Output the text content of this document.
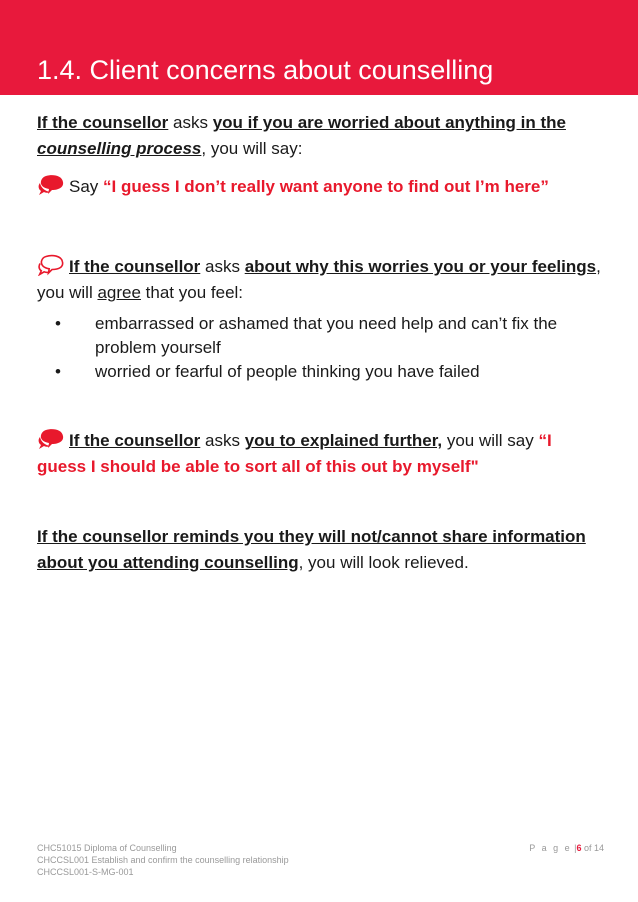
1.4. Client concerns about counselling

If the counsellor asks you if you are worried about anything in the counselling process, you will say:

Say “I guess I don’t really want anyone to find out I’m here”

If the counsellor asks about why this worries you or your feelings, you will agree that you feel:

• embarrassed or ashamed that you need help and can’t fix the problem yourself
• worried or fearful of people thinking you have failed

If the counsellor asks you to explained further, you will say “I guess I should be able to sort all of this out by myself"

If the counsellor reminds you they will not/cannot share information about you attending counselling, you will look relieved.

CHC51015 Diploma of Counselling
CHCCSL001 Establish and confirm the counselling relationship
CHCCSL001-S-MG-001
P a g e |6 of 14
